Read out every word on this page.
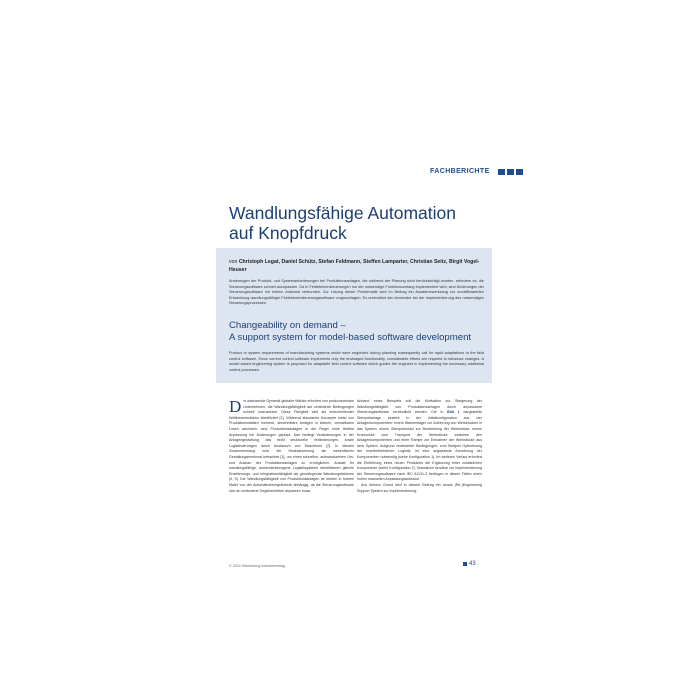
FACHBERICHTE
Wandlungsfähige Automation
auf Knopfdruck
von Christoph Legat, Daniel Schütz, Stefan Feldmann, Steffen Lamparter, Christian Seitz, Birgit Vogel-Heuser
Änderungen der Produkt- und Systemanforderungen bei Produktionsanlagen, die während der Planung nicht berücksichtigt wurden, erfordern es, die Steuerungssoftware schnell anzupassen. Da in Feldebenensteuerungen nur der notwendige Funktionsumfang implementiert wird, sind Änderungen der Steuerungssoftware mit hohem Aufwand verbunden. Zur Lösung dieser Problematik wird im Beitrag ein Assistenzwerkzeug zur modellbasierten Entwicklung wandlungsfähiger Feldebenensteuerungssoftware vorgeschlagen. Es unterstützt den Anwender bei der Implementierung des notwendigen Steuerungsprozesses.
Changeability on demand –
A support system for model-based software development
Product or system requirements of manufacturing systems which were neglected during planning subsequently call for rapid adaptations to the field control software. Since current control software implements only the envisaged functionality, considerable efforts are required to introduce changes. A model-based engineering system is proposed for adaptable field control software which guides the engineer in implementing the necessary additional control processes.
Die wachsende Dynamik globaler Märkte erfordert von produzierenden Unternehmen, die Wandlungsfähigkeit auf veränderte Bedingungen schnell umzusetzen. Diese Fähigkeit wird als entscheidender Wettbewerbsfaktor identifiziert [1]. Während klassische Konzepte meist von Produktionsstätten mehrere, abnehmbare Anlagen in kleinen, verwalbaren Losen wechseln, sind Produktionsanlagen in der Regel ohne flexible Anpassung bei Änderungen geplant. Das bedingt Veränderungen in der Anlagengestaltung, das heißt strukturelle Veränderungen, sowie Logikänderungen durch Austausch von Maschinen [2]. In diesem Zusammenhang wird die Modularisierung als wesentliches Gestaltungsmerkmal betrachtet [3], um einen schnellen, aufwandsarmen Um- und Ausbau der Produktionsanlagen zu ermöglichen. Anstatt für wandlungsfähige, anwenderbezogene Logistiksysteme identifizieren gleiche Erweiterungs- und Integrationsfähigkeit als grundlegende Wandlungsfaktoren [4, 5]. Die Wandlungsfähigkeit von Produktionsanlagen ist hierbei in hohem Maße von der Automatisierungstechnik abhängig, da die Steuerungssoftware sich an veränderte Gegebenheiten anpassen muss.
Anhand eines Beispiels soll die Motivation zur Steigerung der Wandlungsfähigkeit von Produktionsanlagen durch anpassbare Steuerungssoftware verdeutlicht werden. Die in Bild 1 dargestellte Stempelanlage besteht in der Initialkonfiguration aus vier Anlagenkomponenten: einem Wannenlager zur Zuführung von Werkstücken in das System, einem Stempelmodul zur Bearbeitung der Werkstücke, einem Kranmodul zum Transport der Werkstücke zwischen den Anlagenkomponenten und einer Rampe zur Entnahme der Werkstücke aus dem System. Aufgrund veränderter Bedingungen, zum Beispiel Optimierung der innerbetrieblichen Logistik, ist eine angepasste Anordnung der Komponenten notwendig (siehe Konfiguration 1). Im weiteren Verlauf erfordert die Einführung eines neuen Produktes die Ergänzung einer zusätzlichen Komponente (siehe Konfiguration 2). Klassische Ansätze zur Implementierung der Steuerungssoftware nach IEC 61131-3 bedingen in diesen Fällen einen hohen manuellen Anpassungsaufwand.
Aus diesem Grund wird in diesem Beitrag ein neues (Re-)Engineering Support System zur Implementierung
© 2014 Oldenbourg Industrieverlag	43
